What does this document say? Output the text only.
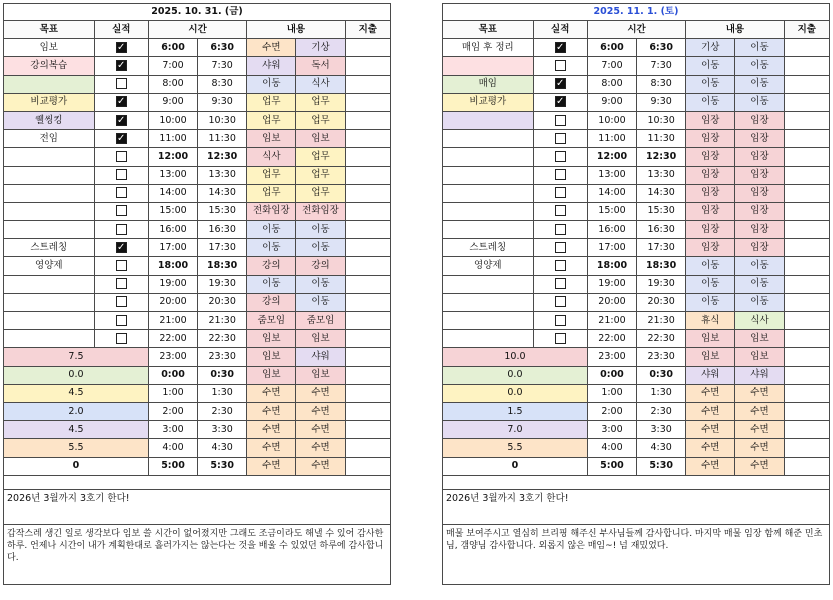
2025. 10. 31. (금)						
목표	실적	시간		내용		지출
임보	✓	6:00	6:30	수면	기상	
강의복습	✓	7:00	7:30	샤워	독서	
		8:00	8:30	이동	식사	
비교평가	✓	9:00	9:30	업무	업무	
퀠씽킹	✓	10:00	10:30	업무	업무	
전임	✓	11:00	11:30	임보	임보	
		12:00	12:30	식사	업무	
		13:00	13:30	업무	업무	
		14:00	14:30	업무	업무	
		15:00	15:30	전화임장	전화임장	
		16:00	16:30	이동	이동	
스트레칭	✓	17:00	17:30	이동	이동	
영양제		18:00	18:30	강의	강의	
		19:00	19:30	이동	이동	
		20:00	20:30	강의	이동	
		21:00	21:30	줌모임	줌모임	
		22:00	22:30	임보	임보	
7.5		23:00	23:30	임보	샤워	
0.0		0:00	0:30	임보	임보	
4.5		1:00	1:30	수면	수면	
2.0		2:00	2:30	수면	수면	
4.5		3:00	3:30	수면	수면	
5.5		4:00	4:30	수면	수면	
0		5:00	5:30	수면	수면	

2026년 3월까지 3호기 한다!						
갑작스레 생긴 일로 생각보다 임보 쓸 시간이 없어졌지만 그래도 조금이라도 해낼 수 있어 감사한 하루. 언제나 시간이 내가 계획한대로 흘러가지는 않는다는 것을 배울 수 있었던 하루에 감사합니다.						
2025. 11. 1. (토)						
목표	실적	시간		내용		지출
매임 후 정리	✓	6:00	6:30	기상	이동	
		7:00	7:30	이동	이동	
매임	✓	8:00	8:30	이동	이동	
비교평가	✓	9:00	9:30	이동	이동	
		10:00	10:30	임장	임장	
		11:00	11:30	임장	임장	
		12:00	12:30	임장	임장	
		13:00	13:30	임장	임장	
		14:00	14:30	임장	임장	
		15:00	15:30	임장	임장	
		16:00	16:30	임장	임장	
스트레칭		17:00	17:30	임장	임장	
영양제		18:00	18:30	이동	이동	
		19:00	19:30	이동	이동	
		20:00	20:30	이동	이동	
		21:00	21:30	휴식	식사	
		22:00	22:30	임보	임보	
10.0		23:00	23:30	임보	임보	
0.0		0:00	0:30	샤워	샤워	
0.0		1:00	1:30	수면	수면	
1.5		2:00	2:30	수면	수면	
7.0		3:00	3:30	수면	수면	
5.5		4:00	4:30	수면	수면	
0		5:00	5:30	수면	수면	

2026년 3월까지 3호기 한다!						
매물 보여주시고 열심히 브리핑 해주신 부사님들께 감사합니다. 마지막 매물 임장 함께 해준 민초님, 갬양님 감사합니다. 외롭지 않은 매임~! 넘 재밌었다.						
